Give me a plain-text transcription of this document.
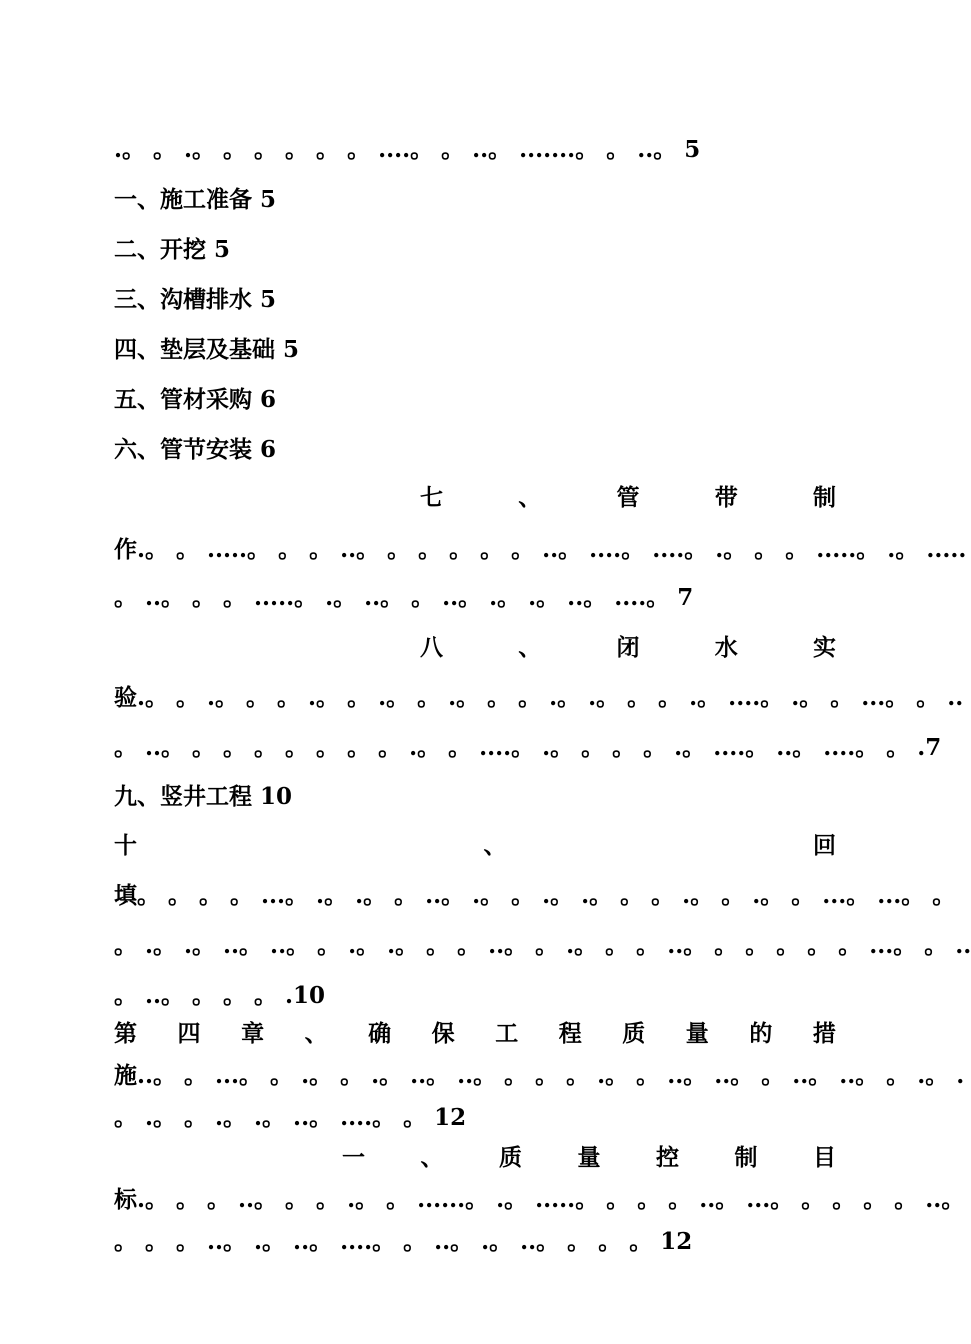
.。 。 .。 。 。 。 。 。 ....。 。 ..。 .......。 。 ..。 5
一、施工准备 5
二、开挖 5
三、沟槽排水 5
四、垫层及基础 5
五、管材采购 6
六、管节安装 6
七	、	管	带	制
作.。 。 .....。 。 。 ..。 。 。 。 。 。 ..。 ....。 ....。 .。 。 。 .....。 .。 .....
。 ..。 。 。 .....。 .。 ..。 。 ..。 .。 .。 ..。 ....。 7
八	、	闭	水	实
验.。 。 .。 。 。 .。 。 .。 。 .。 。 。 .。 .。 。 。 .。 ....。 .。 。 ...。 。 ..
。 ..。 。 。 。 。 。 。 。 .。 。 ....。 .。 。 。 。 .。 ....。 ..。 ....。 。 .7
九、竖井工程 10
十	、	回
填。 。 。 。 ...。 .。 .。 。 ..。 .。 。 .。 .。 。 。 .。 。 .。 。 ...。 ...。 。
。 .。 .。 ..。 ..。 。 .。 .。 。 。 ..。 。 .。 。 。 ..。 。 。 。 。 。 ...。 。 ..
。 ..。 。 。 。 .10
第 四 章 、 确 保 工 程 质 量 的 措
施..。 。 ...。 。 .。 。 .。 ..。 ..。 。 。 。 .。 。 ..。 ..。 。 ..。 ..。 。 .。 .
。 .。 。 .。 .。 ..。 ....。 。 12
一 、 质 量 控 制 目
标.。 。 。 ..。 。 。 .。 。 ......。 .。 .....。 。 。 。 ..。 ...。 。 。 。 。 ..。
。 。 。 ..。 .。 ..。 ....。 。 ..。 .。 ..。 。 。 。 12
